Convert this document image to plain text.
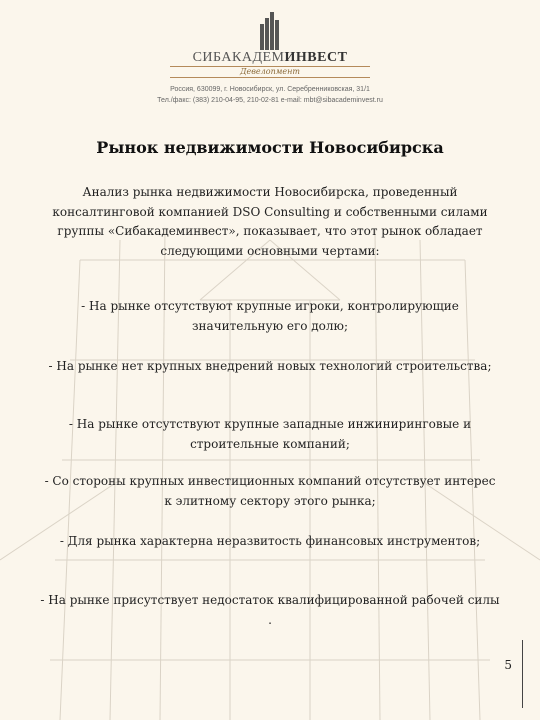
СИБАКАДЕМИНВЕСТ
Девелопмент
Россия, 630099, г. Новосибирск, ул. Серебренниковская, 31/1
Тел./факс: (383) 210-04-95, 210-02-81 e-mail: mbt@sibacademinvest.ru
Рынок недвижимости Новосибирска

Анализ рынка недвижимости Новосибирска, проведенный консалтинговой компанией DSO Consulting и собственными силами группы «Сибакадеминвест», показывает, что этот рынок обладает следующими основными чертами:

- На рынке отсутствуют крупные игроки, контролирующие значительную его долю;

- На рынке нет крупных внедрений новых технологий строительства;

- На рынке отсутствуют крупные западные инжиниринговые и строительные компаний;

- Со стороны крупных инвестиционных компаний отсутствует интерес к элитному сектору этого рынка;

- Для рынка характерна неразвитость финансовых инструментов;

- На рынке присутствует недостаток квалифицированной рабочей силы .

5
